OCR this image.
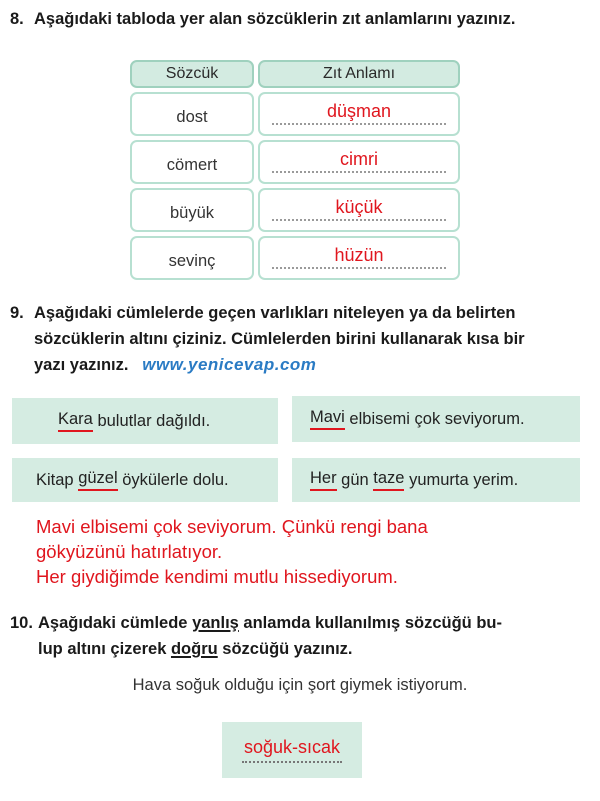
8. Aşağıdaki tabloda yer alan sözcüklerin zıt anlamlarını yazınız.
Sözcük	Zıt Anlamı
dost	düşman
cömert	cimri
büyük	küçük
sevinç	hüzün
9. Aşağıdaki cümlelerde geçen varlıkları niteleyen ya da belirten
sözcüklerin altını çiziniz. Cümlelerden birini kullanarak kısa bir
yazı yazınız. www.yenicevap.com
Kara bulutlar dağıldı.	Mavi elbisemi çok seviyorum.
Kitap güzel öykülerle dolu.	Her gün taze yumurta yerim.
Mavi elbisemi çok seviyorum. Çünkü rengi bana
gökyüzünü hatırlatıyor.
Her giydiğimde kendimi mutlu hissediyorum.
10. Aşağıdaki cümlede yanlış anlamda kullanılmış sözcüğü bu-
lup altını çizerek doğru sözcüğü yazınız.
Hava soğuk olduğu için şort giymek istiyorum.
soğuk-sıcak
